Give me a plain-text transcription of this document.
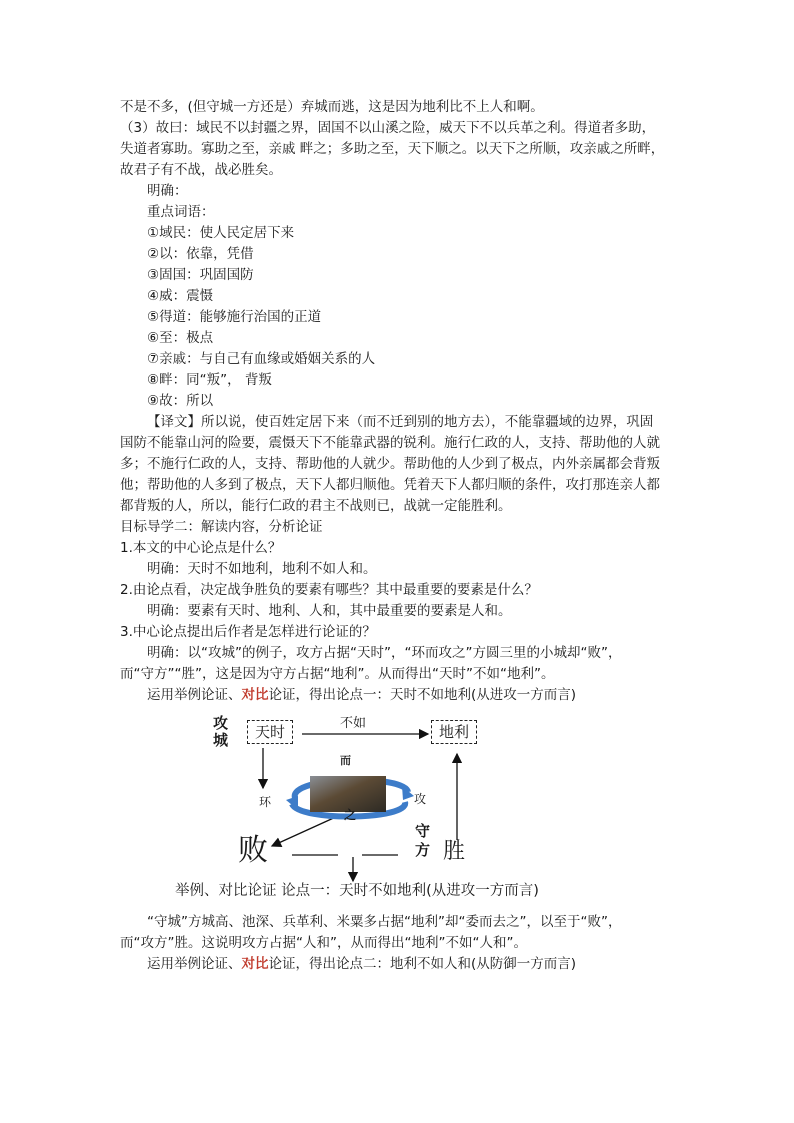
不是不多，(但守城一方还是）弃城而逃，这是因为地利比不上人和啊。
（3）故曰：域民不以封疆之界，固国不以山溪之险，威天下不以兵革之利。得道者多助，
失道者寡助。寡助之至，亲戚 畔之；多助之至，天下顺之。以天下之所顺，攻亲戚之所畔，
故君子有不战，战必胜矣。
明确：
重点词语：
①域民：使人民定居下来
②以：依靠，凭借
③固国：巩固国防
④威：震慑
⑤得道：能够施行治国的正道
⑥至：极点
⑦亲戚：与自己有血缘或婚姻关系的人
⑧畔：同“叛”， 背叛
⑨故：所以
【译文】所以说，使百姓定居下来（而不迁到别的地方去），不能靠疆域的边界，巩固
国防不能靠山河的险要，震慑天下不能靠武器的锐利。施行仁政的人，支持、帮助他的人就
多；不施行仁政的人，支持、帮助他的人就少。帮助他的人少到了极点，内外亲属都会背叛
他；帮助他的人多到了极点，天下人都归顺他。凭着天下人都归顺的条件，攻打那连亲人都
都背叛的人，所以，能行仁政的君主不战则已，战就一定能胜利。
目标导学二：解读内容，分析论证
1.本文的中心论点是什么？
明确：天时不如地利，地利不如人和。
2.由论点看，决定战争胜负的要素有哪些？其中最重要的要素是什么？
明确：要素有天时、地利、人和，其中最重要的要素是人和。
3.中心论点提出后作者是怎样进行论证的？
明确：以“攻城”的例子，攻方占据“天时”，“环而攻之”方圆三里的小城却“败”，
而“守方”“胜”，这是因为守方占据“地利”。从而得出“天时”不如“地利”。
运用举例论证、对比论证，得出论点一：天时不如地利(从进攻一方而言)
攻城	天时	不如	地利
而
环	攻
之
败
守方 胜
举例、对比论证 论点一：天时不如地利(从进攻一方而言)
“守城”方城高、池深、兵革利、米粟多占据“地利”却“委而去之”，以至于“败”，
而“攻方”胜。这说明攻方占据“人和”，从而得出“地利”不如“人和”。
运用举例论证、对比论证，得出论点二：地利不如人和(从防御一方而言)
